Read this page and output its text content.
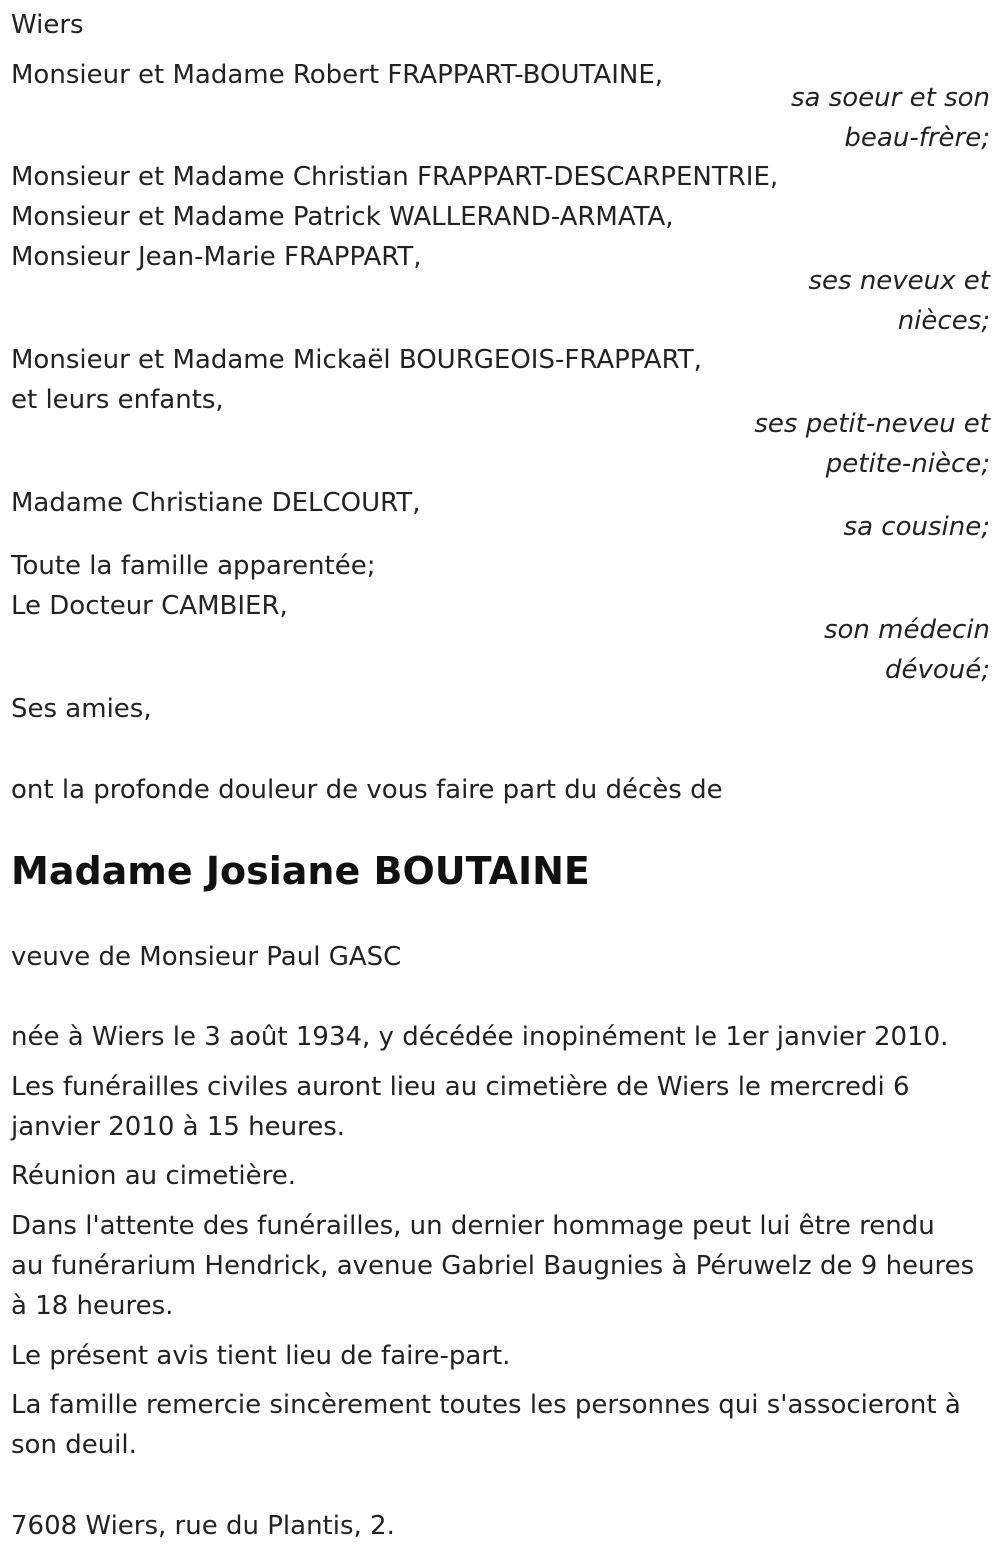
Wiers
Monsieur et Madame Robert FRAPPART-BOUTAINE,
sa soeur et son
beau-frère;
Monsieur et Madame Christian FRAPPART-DESCARPENTRIE,
Monsieur et Madame Patrick WALLERAND-ARMATA,
Monsieur Jean-Marie FRAPPART,
ses neveux et
nièces;
Monsieur et Madame Mickaël BOURGEOIS-FRAPPART,
et leurs enfants,
ses petit-neveu et
petite-nièce;
Madame Christiane DELCOURT,
sa cousine;
Toute la famille apparentée;
Le Docteur CAMBIER,
son médecin
dévoué;
Ses amies,
ont la profonde douleur de vous faire part du décès de
Madame Josiane BOUTAINE
veuve de Monsieur Paul GASC
née à Wiers le 3 août 1934, y décédée inopinément le 1er janvier 2010.
Les funérailles civiles auront lieu au cimetière de Wiers le mercredi 6
janvier 2010 à 15 heures.
Réunion au cimetière.
Dans l'attente des funérailles, un dernier hommage peut lui être rendu
au funérarium Hendrick, avenue Gabriel Baugnies à Péruwelz de 9 heures
à 18 heures.
Le présent avis tient lieu de faire-part.
La famille remercie sincèrement toutes les personnes qui s'associeront à
son deuil.
7608 Wiers, rue du Plantis, 2.
